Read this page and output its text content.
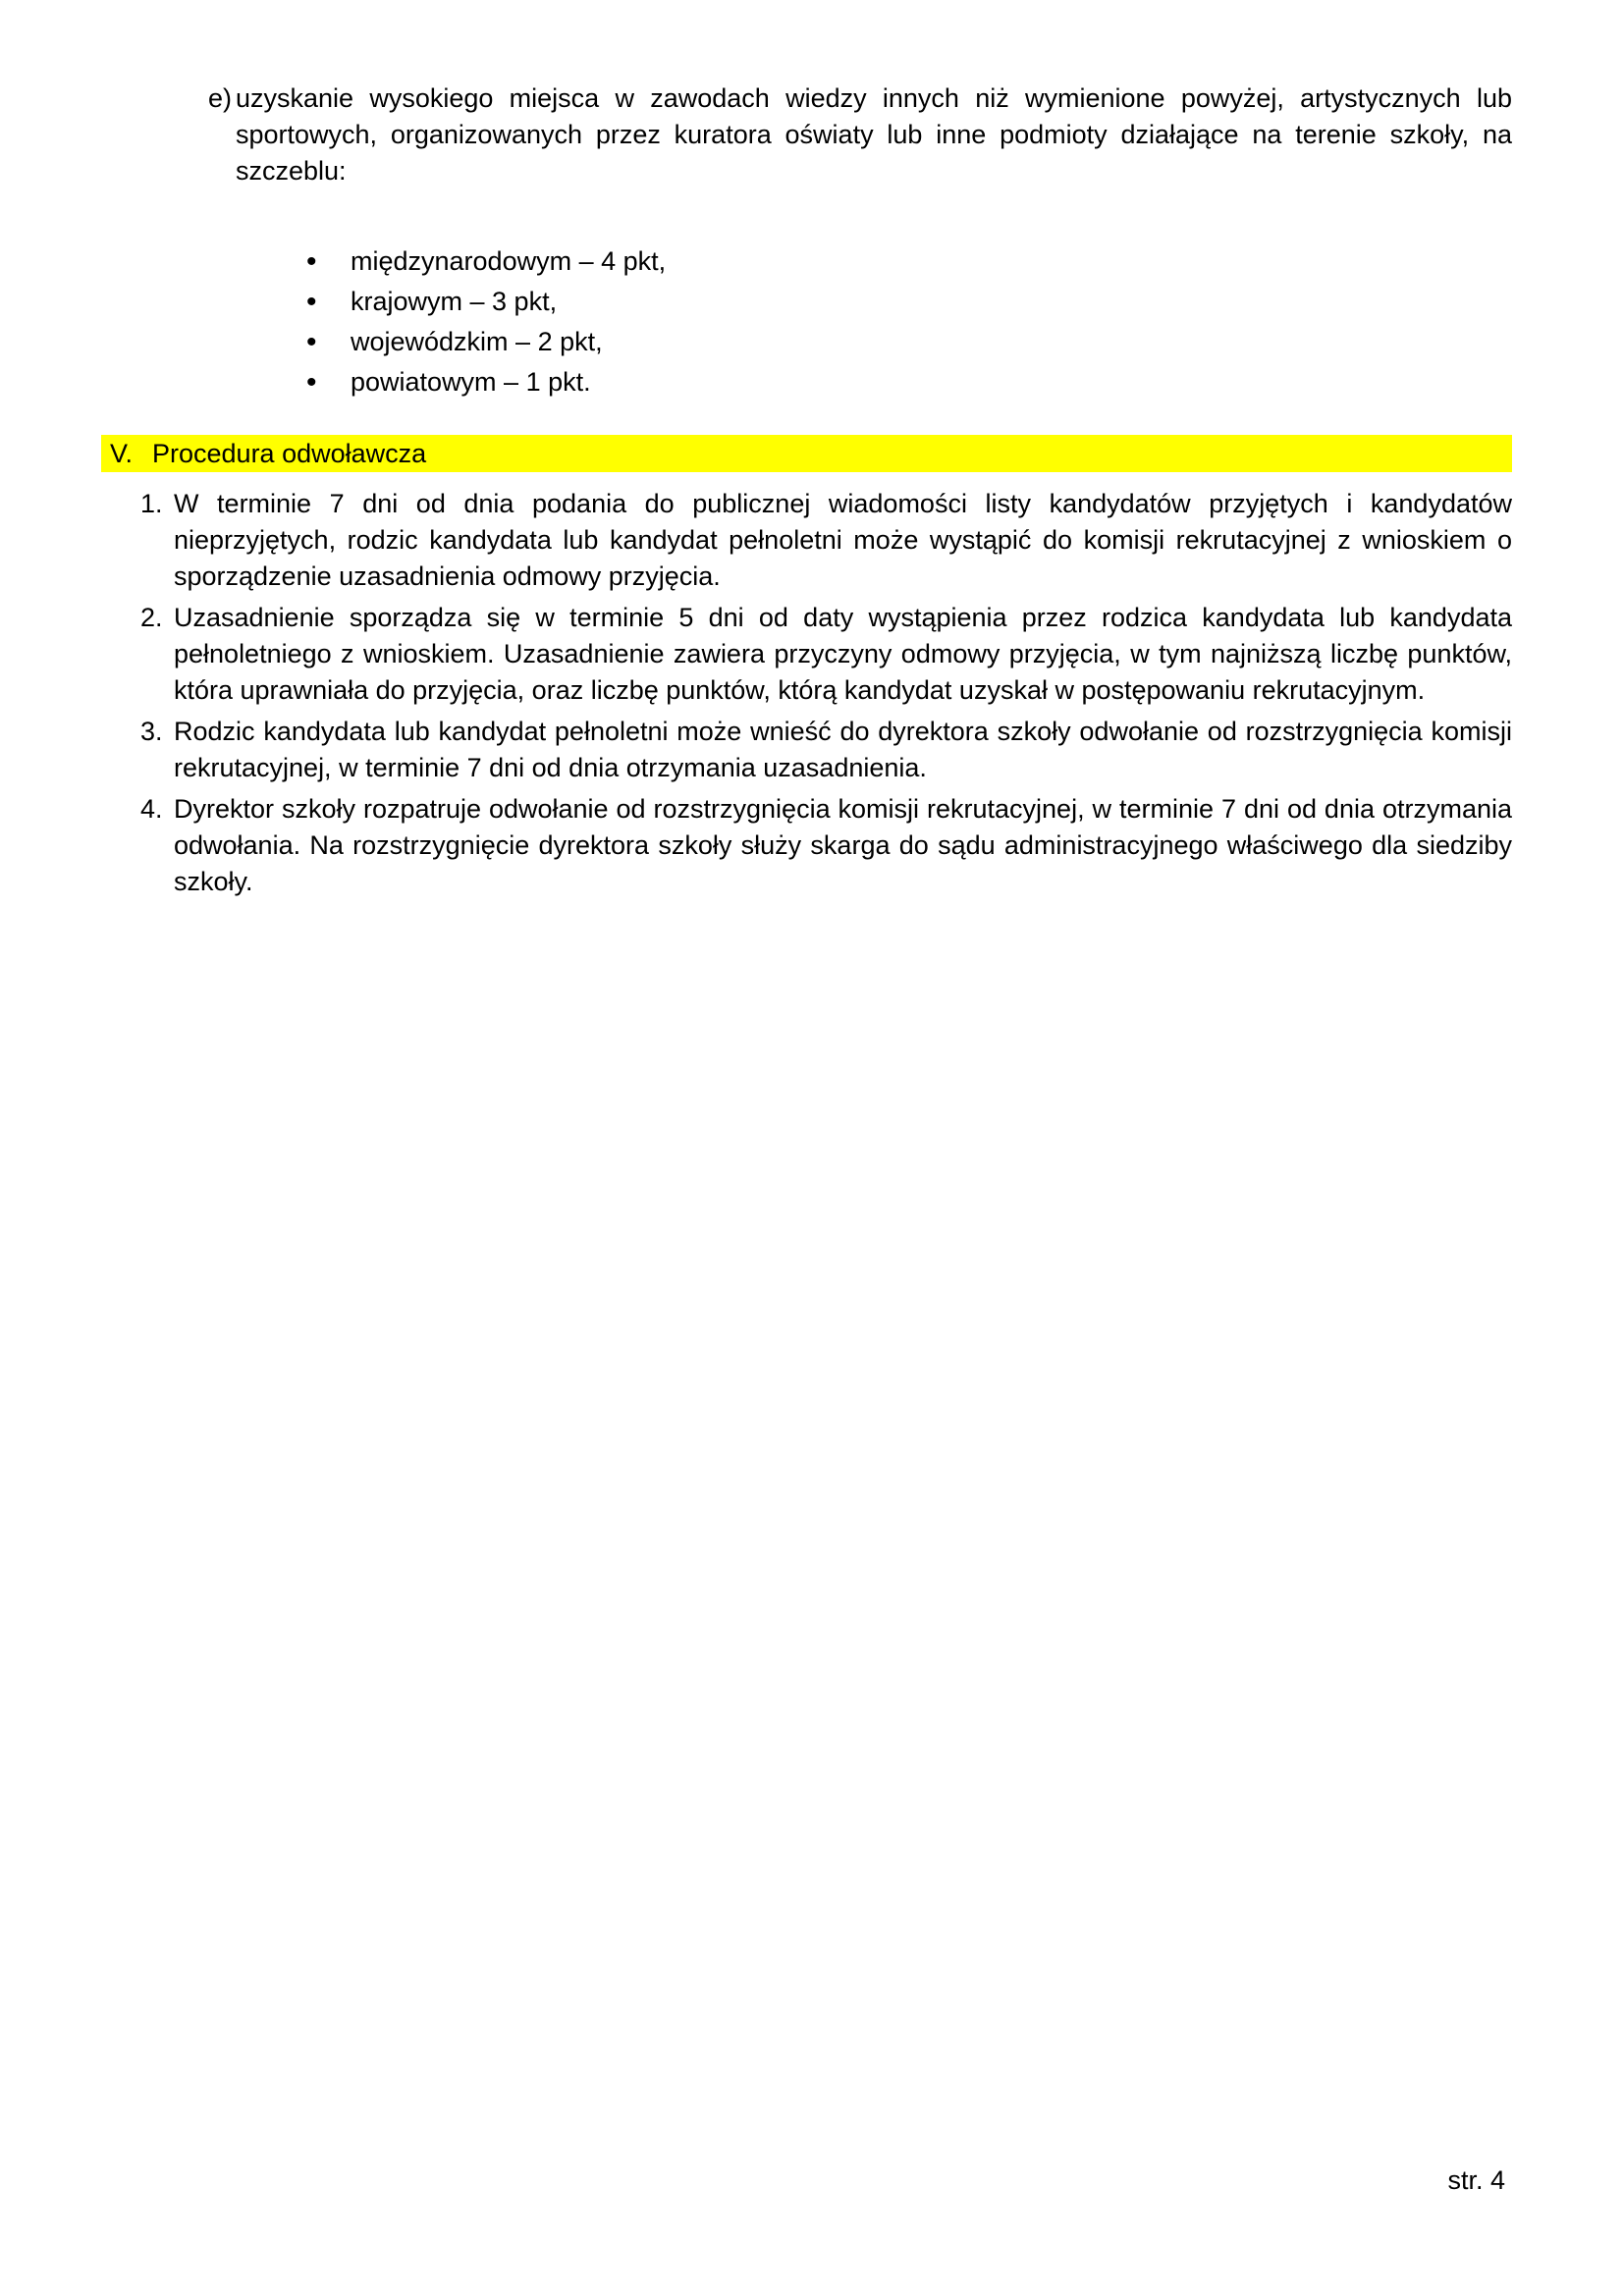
e) uzyskanie wysokiego miejsca w zawodach wiedzy innych niż wymienione powyżej, artystycznych lub sportowych, organizowanych przez kuratora oświaty lub inne podmioty działające na terenie szkoły, na szczeblu:
•	międzynarodowym – 4 pkt,
•	krajowym – 3 pkt,
•	wojewódzkim – 2 pkt,
•	powiatowym – 1 pkt.
V. Procedura odwoławcza
1. W terminie 7 dni od dnia podania do publicznej wiadomości listy kandydatów przyjętych i kandydatów nieprzyjętych, rodzic kandydata lub kandydat pełnoletni może wystąpić do komisji rekrutacyjnej z wnioskiem o sporządzenie uzasadnienia odmowy przyjęcia.
2. Uzasadnienie sporządza się w terminie 5 dni od daty wystąpienia przez rodzica kandydata lub kandydata pełnoletniego z wnioskiem. Uzasadnienie zawiera przyczyny odmowy przyjęcia, w tym najniższą liczbę punktów, która uprawniała do przyjęcia, oraz liczbę punktów, którą kandydat uzyskał w postępowaniu rekrutacyjnym.
3. Rodzic kandydata lub kandydat pełnoletni może wnieść do dyrektora szkoły odwołanie od rozstrzygnięcia komisji rekrutacyjnej, w terminie 7 dni od dnia otrzymania uzasadnienia.
4. Dyrektor szkoły rozpatruje odwołanie od rozstrzygnięcia komisji rekrutacyjnej, w terminie 7 dni od dnia otrzymania odwołania. Na rozstrzygnięcie dyrektora szkoły służy skarga do sądu administracyjnego właściwego dla siedziby szkoły.
str. 4
